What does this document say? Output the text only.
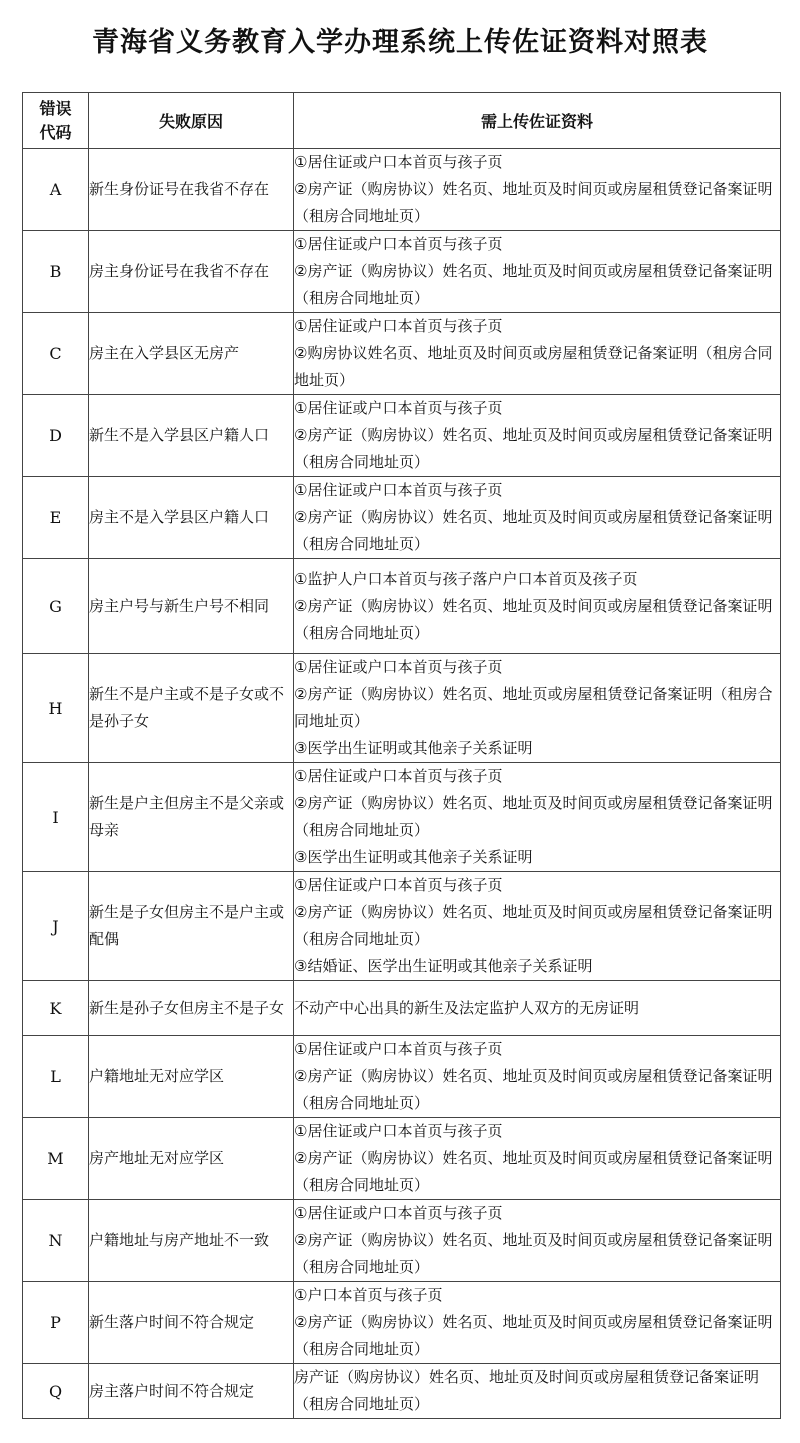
青海省义务教育入学办理系统上传佐证资料对照表
错误
代码	失败原因	需上传佐证资料
A	新生身份证号在我省不存在	①居住证或户口本首页与孩子页
②房产证（购房协议）姓名页、地址页及时间页或房屋租赁登记备案证明（租房合同地址页）

B	房主身份证号在我省不存在	①居住证或户口本首页与孩子页
②房产证（购房协议）姓名页、地址页及时间页或房屋租赁登记备案证明（租房合同地址页）

C	房主在入学县区无房产	①居住证或户口本首页与孩子页
②购房协议姓名页、地址页及时间页或房屋租赁登记备案证明（租房合同地址页）

D	新生不是入学县区户籍人口	①居住证或户口本首页与孩子页
②房产证（购房协议）姓名页、地址页及时间页或房屋租赁登记备案证明（租房合同地址页）

E	房主不是入学县区户籍人口	①居住证或户口本首页与孩子页
②房产证（购房协议）姓名页、地址页及时间页或房屋租赁登记备案证明（租房合同地址页）

G	房主户号与新生户号不相同	①监护人户口本首页与孩子落户户口本首页及孩子页
②房产证（购房协议）姓名页、地址页及时间页或房屋租赁登记备案证明（租房合同地址页）

H	新生不是户主或不是子女或不是孙子女	①居住证或户口本首页与孩子页
②房产证（购房协议）姓名页、地址页或房屋租赁登记备案证明（租房合同地址页）
③医学出生证明或其他亲子关系证明

I	新生是户主但房主不是父亲或母亲	①居住证或户口本首页与孩子页
②房产证（购房协议）姓名页、地址页及时间页或房屋租赁登记备案证明（租房合同地址页）
③医学出生证明或其他亲子关系证明

J	新生是子女但房主不是户主或配偶	①居住证或户口本首页与孩子页
②房产证（购房协议）姓名页、地址页及时间页或房屋租赁登记备案证明（租房合同地址页）
③结婚证、医学出生证明或其他亲子关系证明

K	新生是孙子女但房主不是子女	不动产中心出具的新生及法定监护人双方的无房证明

L	户籍地址无对应学区	①居住证或户口本首页与孩子页
②房产证（购房协议）姓名页、地址页及时间页或房屋租赁登记备案证明（租房合同地址页）

M	房产地址无对应学区	①居住证或户口本首页与孩子页
②房产证（购房协议）姓名页、地址页及时间页或房屋租赁登记备案证明（租房合同地址页）

N	户籍地址与房产地址不一致	①居住证或户口本首页与孩子页
②房产证（购房协议）姓名页、地址页及时间页或房屋租赁登记备案证明（租房合同地址页）

P	新生落户时间不符合规定	①户口本首页与孩子页
②房产证（购房协议）姓名页、地址页及时间页或房屋租赁登记备案证明（租房合同地址页）

Q	房主落户时间不符合规定	房产证（购房协议）姓名页、地址页及时间页或房屋租赁登记备案证明（租房合同地址页）
